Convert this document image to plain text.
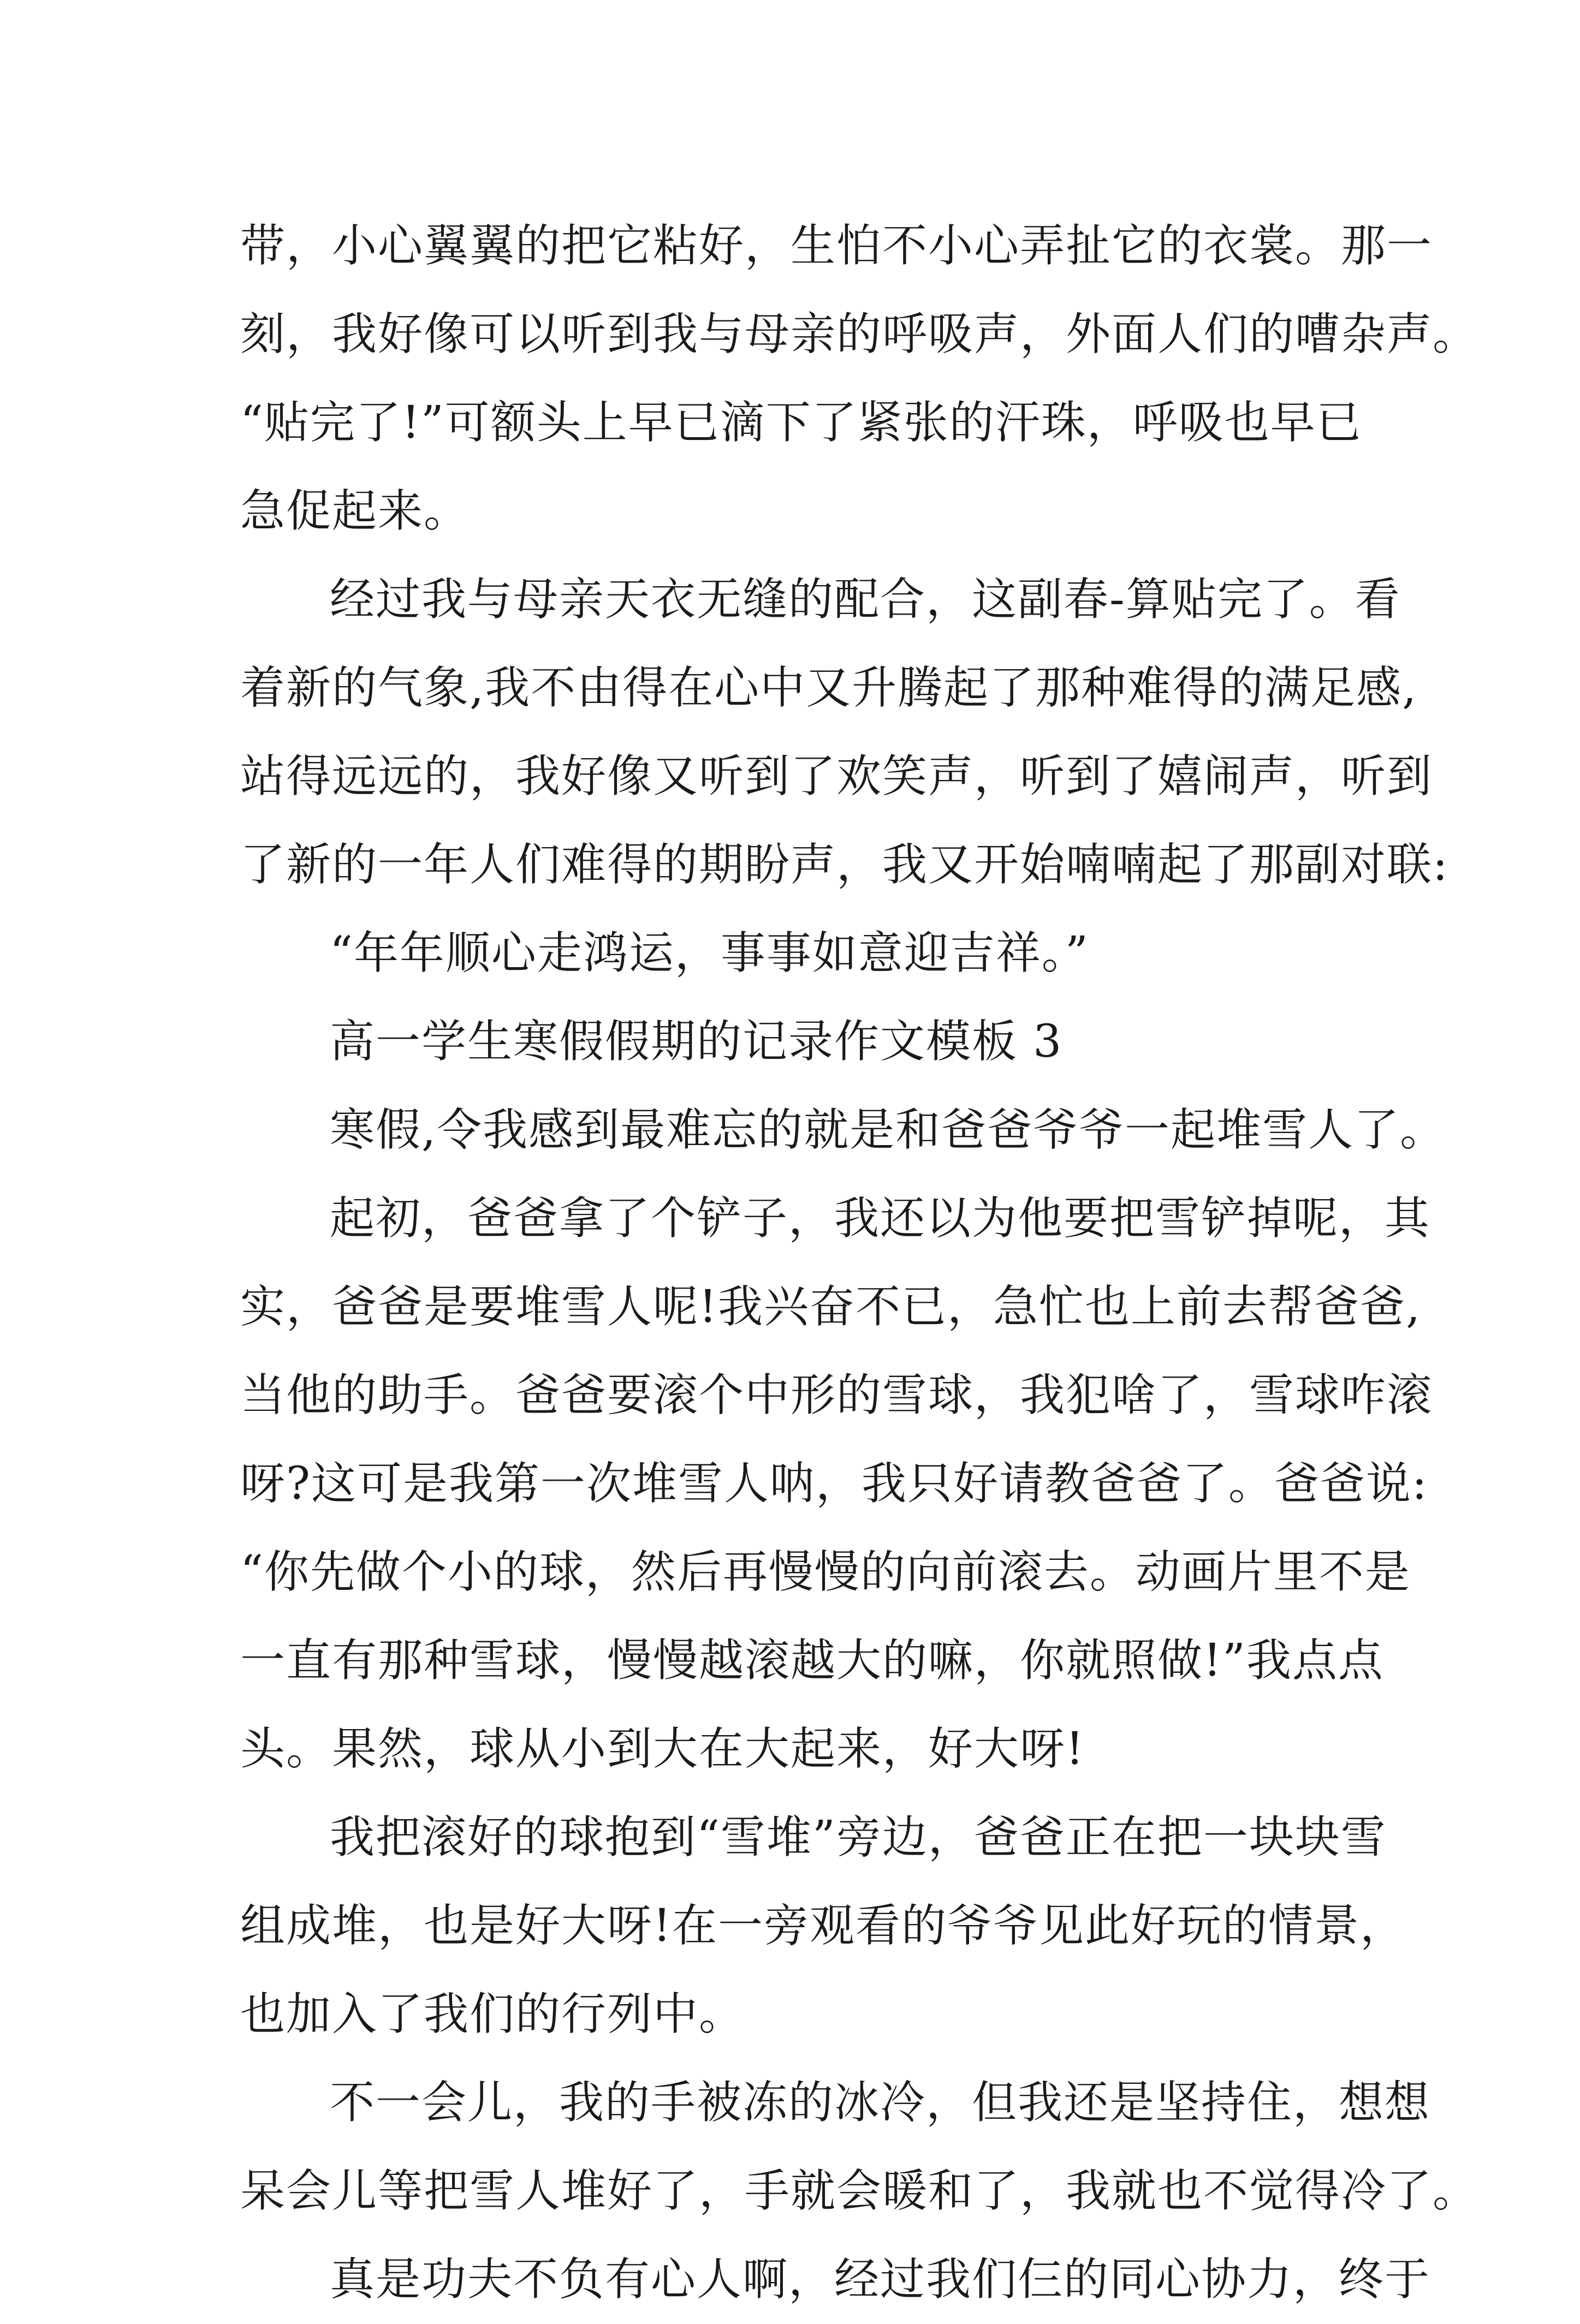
带，小心翼翼的把它粘好，生怕不小心弄扯它的衣裳。那一
刻，我好像可以听到我与母亲的呼吸声，外面人们的嘈杂声。
“贴完了!”可额头上早已滴下了紧张的汗珠，呼吸也早已
急促起来。
经过我与母亲天衣无缝的配合，这副春-算贴完了。看
着新的气象,我不由得在心中又升腾起了那种难得的满足感,
站得远远的，我好像又听到了欢笑声，听到了嬉闹声，听到
了新的一年人们难得的期盼声，我又开始喃喃起了那副对联:
“年年顺心走鸿运，事事如意迎吉祥。”
高一学生寒假假期的记录作文模板 3
寒假,令我感到最难忘的就是和爸爸爷爷一起堆雪人了。
起初，爸爸拿了个铲子，我还以为他要把雪铲掉呢，其
实，爸爸是要堆雪人呢!我兴奋不已，急忙也上前去帮爸爸,
当他的助手。爸爸要滚个中形的雪球，我犯啥了，雪球咋滚
呀?这可是我第一次堆雪人呐，我只好请教爸爸了。爸爸说:
“你先做个小的球，然后再慢慢的向前滚去。动画片里不是
一直有那种雪球，慢慢越滚越大的嘛，你就照做!”我点点
头。果然，球从小到大在大起来，好大呀!
我把滚好的球抱到“雪堆”旁边，爸爸正在把一块块雪
组成堆，也是好大呀!在一旁观看的爷爷见此好玩的情景，
也加入了我们的行列中。
不一会儿，我的手被冻的冰冷，但我还是坚持住，想想
呆会儿等把雪人堆好了，手就会暖和了，我就也不觉得冷了。
真是功夫不负有心人啊，经过我们仨的同心协力，终于
